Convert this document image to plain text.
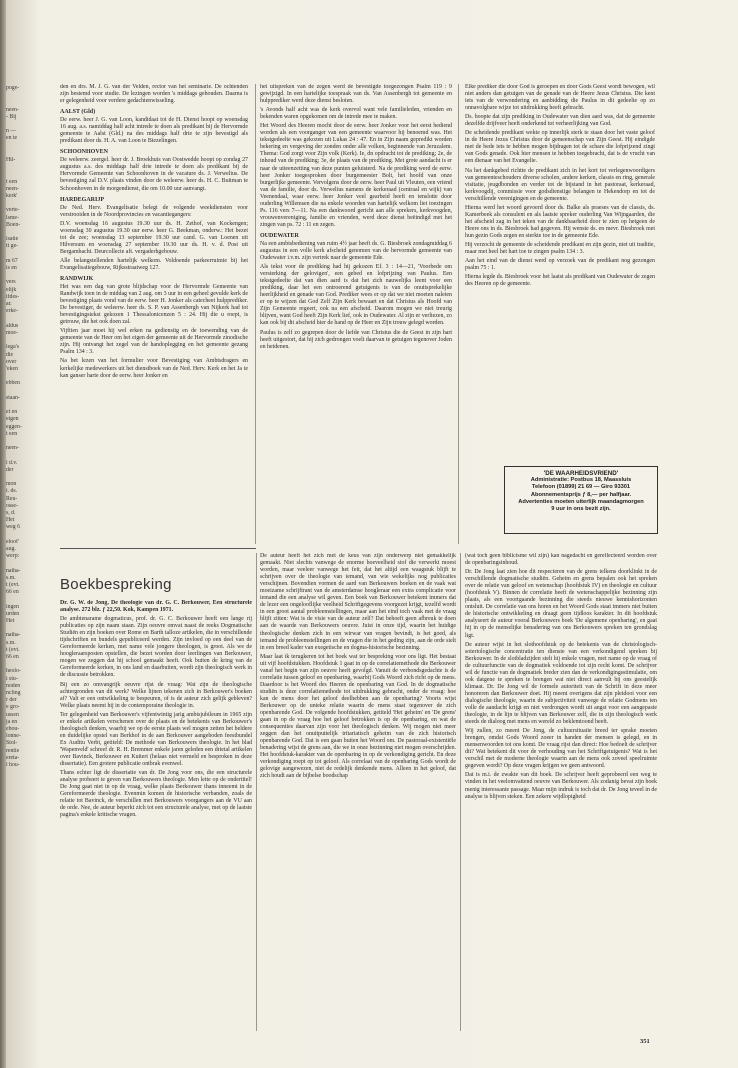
poge-

neen-
- Bij

n —
en te

Hil-

t een
neen-
kerk'

verte-
lsme-
Boen-

isatie
tt ge-

m 67
is en

vers
elijk
ifdes-
ar.
erke-

aldus
moe-

lega's
die
over
'eken

ebben

staan-

et en
eigen
eggen-
t een

neen-

l d.v.
der

mon
t. ds.
Reu-
osse-
s, d.
Het
weg 6

eloof'
aug.
werp:

natha-
s.m.
t (evt.
66 en

ingen
urden
Het

natha-
s.m.
t (evt.
66 en

heolo-
t stu-
noden
ncling
r der
e gro-
ussen
ja en
ebou-
lonne-
Stol-
rentie
ereta-
l hou-

den en drs. M. J. G. van der Velden, rector van het seminarie. De ochtenden zijn bestemd voor studie. De lezingen worden 's middags gehouden. Daarna is er gelegenheid voor verdere gedachtenwisseling.

AALST (Gld)

De eerw. heer J. G. van Loon, kandidaat tot de H. Dienst hoopt op woensdag 16 aug. a.s. namiddag half acht intrede te doen als predikant bij de Hervormde gemeente te Aalst (Gld.) na des middags half drie te zijn bevestigd als predikant door ds. H. A. van Loon te Biezelingen.

SCHOONHOVEN

De weleerw. zeergel. heer dr. J. Broekhuis van Oostwedde hoopt op zondag 27 augustus a.s. des middags half drie intrede te doen als predikant bij de Hervormde Gemeente van Schoonhoven in de vacature ds. J. Verwelius. De bevestiging zal D.V. plaats vinden door de weleerw. heer ds. H. C. Buitman te Schoonhoven in de morgendienst, die om 10.00 uur aanvangt.

HARDEGARIJP

De Ned. Herv. Evangelisatie belegt de volgende weekdiensten voor verstrooiden in de Noordprovincies en vacantiegangers:

D.V. woensdag 16 augustus 19.30 uur ds. H. Zethof, van Kockengen; woensdag 30 augustus 19.30 uur eerw. heer G. Beekman, onderw.: Het bezet tot de zee; woensdag 13 september 19.30 uur cand. G. van Loenen uit Hilversum en woensdag 27 september 19.30 uur ds. H. v. d. Post uit Bergambacht. Deurcollecte aft. vergaderhgebouw.

Alle belangstellenden hartelijk welkom. Voldoende parkeerruimte bij het Evangelisatiegebouw, Rijksstraatweg 127.

RANDWIJK

Het was een dag van grote blijdschap voor de Hervormde Gemeente van Randwijk toen in de middag van 2 aug. om 3 uur in een geheel gevulde kerk de bevestiging plaats vond van de eerw. heer H. Jonker als catecheet hulpprediker. De bevestiger, de weleerw. heer ds. S. P. van Assenbergh van Nijkerk had tot bevestigingstekst gekozen 1 Thessalonicenzen 5 : 24. Hij die u roept, is getrouw, die het ook doen zal.

Vijftien jaar moet hij wel erken na gedienstig en de toewending van de gemeente van de Heer om het eigen der gemeente uit de Hervormde zinodische zijn. Hij ontvangt het zegel van de handoplegging en het gemeente gezang Psalm 134 : 3.

Na het lezen van het formulier voor Bevestiging van Ambtsdragers en kerkelijke medewerkers uit het dienstboek van de Ned. Herv. Kerk en het Ja te kan ganser harte door de eerw. heer Jonker en

het uitspreken van de zegen werd de bevestigde toegezongen Psalm 119 : 9 gewijzigd. In een hartelijke toespraak van ds. Van Assenbergh tot gemeente en hulpprediker werd deze dienst besloten.

's Avonds half acht was de kerk overvol want vele familieleden, vrienden en bekenden waren opgekomen om de intrede mee te maken.

Het Woord des Heeren mocht door de eerw. heer Jonker voor het eerst bediend worden als een voorganger van een gemeente waarvoor hij benoemd was. Het tekstgedeelte was gekozen uit Lukas 24 : 47. En in Zijn naam gepredikt worden bekering en vergeving der zonden onder alle volken, beginnende van Jeruzalem. Thema: God zorgt voor Zijn volk (Kerk). Ie, dn opdracht tot de prediking; 2e, de inhoud van de prediking; 3e, de plaats van de prediking. Met grote aandacht is er naar de uiteenzetting van deze punten geluisterd. Na de prediking werd de eerw. heer Jonker toegesproken door burgemeester Bolt, het hoofd van onze burgerlijke gemeente. Vervolgens door de eerw. heer Paul uit Vleuten, een vriend van de familie, door ds. Verwelius namens de kerkeraad (centraal en wijk) van Veenendaal, waar eerw. heer Jonker veel gearbeid heeft en tenslotte door ouderling Willemsen die na enkele woorden van hartelijk welkom liet toezingen Ps. 116 vers 7—11. Na een dankwoord gericht aan alle sprekers, kerkvoogden, vrouwenvereniging, familie en vrienden, werd deze dienst beëindigd met het zingen van ps. 72 : 11 en zegen.

OUDEWATER

Na een ambtsbediening van ruim 4½ jaar heeft ds. G. Biesbroek zondagmiddag 6 augustus in een volle kerk afscheid genomen van de hervormde gemeente van Oudewater i.v.m. zijn vertrek naar de gemeente Ede.

Als tekst voor de prediking had hij gekozen Ef. 3 : 14—21, 'Voorbede om versterking der gelovigen', een gebed en lofprijzing van Paulus. Een tekstgedeelte dat van dien aard is dat het zich nauwelijks leent voor een prediking, daar het een ontroerend getuigenis is van de onuitsprekelijke heerlijkheid en genade van God. Prediker wees er op dat we niet moeten naleten er op te wijzen dat God Zelf Zijn Kerk bewaart en dat Christus als Hoofd van Zijn Gemeente regeert, ook na een afscheid. Daarom mogen we niet treurig blijven, want God heeft Zijn Kerk lief, ook in Oudewater. Al zijn er verliezen, zo kan ook bij dit afscheid hier de hand op de Heer en Zijn trouw gelegd worden.

Paulus is zelf zo gegrepen door de liefde van Christus die de Geest in zijn hart heeft uitgestort, dat hij zich gedrongen voelt daarvan te getuigen tegenover Joden en heidenen.

Elke prediker die door God is geroepen en door Gods Geest wordt bewogen, wil niet anders dan getuigen van de genade van de Heere Jezus Christus. Die kent iets van de verwondering en aanbidding die Paulus in dit gedeelte op zo onnavolgbare wijze tot uitdrukking heeft gebracht.

Ds. hoopte dat zijn prediking in Oudewater van dien aard was, dat de gemeente dezelfde drijfveer heeft onderkend tot verheerlijking van God.

De scheidende predikant wekte op innerlijk sterk te staan door het vaste geloof in de Heere Jezus Christus door de gemeenschap van Zijn Geest. Hij eindigde met de bede iets te hebben mogen bijdragen tot de schare die lofprijzend zingt van Gods genade. Ook hier mensen te hebben toegebracht, dat is de vrucht van een dienaar van het Evangelie.

Na het dankgebed richtte de predikant zich in het kort tot verlegenwoordigers van gemeenteschouders diverse scholen, andere kerken, classis en ring, generale visitatie, jeugdbonden en verder tot de bijstand in het pastoraat, kerkeraad, kerkvoogdij, commissie voor godsdienstige belangen te Hekendorp en tot de verschillende verenigingen en de gemeente.

Hierna werd het woord gevoerd door ds. Balke als praeses van de classis, ds. Kamerbeek als consulent en als laatste spreker ouderling Van Wijngaarden, die het afscheid zag in het teken van de dankbaarheid door te zien op hetgeen de Heere ons in ds. Biesbroek had gegeven. Hij wenste ds. en mevr. Biesbroek met hun gezin Gods zegen en sterkte toe in de gemeente Ede.

Hij verzocht de gemeente de scheidende predikant en zijn gezin, niet uit traditie, maar met heel het hart toe te zingen psalm 134 : 3.

Aan het eind van de dienst werd op verzoek van de predikant nog gezongen psalm 75 : 1.

Hierna legde ds. Biesbroek voor het laatst als predikant van Oudewater de zegen des Heeren op de gemeente.

'DE WAARHEIDSVRIEND'
Administratie: Postbus 18, Maassluis
Telefoon (01899) 21 69 — Giro 93301
Abonnementsprijs ƒ 8,— per halfjaar.
Advertenties moeten uiterlijk maandagmorgen
9 uur in ons bezit zijn.
Boekbespreking

Dr. G. W. de Jong, De theologie van dr. G. C. Berkouwer, Een structurele analyse. 272 blz. ƒ 22,50. Kok, Kampen 1971.

De ambtenarame dogmaticus, prof. dr. G. C. Berkouwer heeft een lange rij publicaties op zijn naam staan. Zijn oeuvre omvat naast de reeks Dogmatische Studiën en zijn boeken over Rome en Barth talloze artikelen, die in verschillende tijdschriften en bundels gepubliceerd werden. Zijn invloed op een deel van de Gereformeerde kerken, met name vele jongere theologen, is groot. Als we de hoogleraarsposten opstellen, die bezet worden door leerlingen van Berkouwer, mogen we zeggen dat hij school gemaakt heeft. Ook buiten de kring van de Gereformeerde kerken, in ons land en daarbuiten, wordt zijn theologisch werk in de discussie betrokken.

Bij een zo omvangrijk oeuvre rijst de vraag: Wat zijn de theologische achtergronden van dit werk? Welke lijnen tekenen zich in Berkouwer's boeken af? Valt er een ontwikkeling te bespeuren, of is de auteur zich gelijk gebleven? Welke plaats neemt hij in de contemporaine theologie in.

Ter gelegenheid van Berkouwer's vijfentwintig jarig ambtsjubileum in 1965 zijn er enkele artikelen verschenen over de plaats en de betekenis van Berkouwer's theologisch denken, waarbij we op de eerste plaats wel mogen zetten het heldere en duidelijke opstel van Berkhof in de aan Berkouwer aangeboden feestbundel Ex Auditu Verbi, getiteld: De methode van Berkouwers theologie. In het blad 'Wapenveld' schreef dr. R. H. Bremmer enkele jaren geleden een drietal artikelen over Bavinck, Berkouwer en Kuitert (helaas niet vermeld en besproken in deze dissertatie). Een grotere publicatie ontbrak evenwel.

Thans echter ligt de dissertatie van dr. De Jong voor ons, die een structurele analyse probeert te geven van Berkouwers theologie. Men lette op de ondertitel! De Jong gaat niet in op de vraag, welke plaats Berkouwer thans inneemt in de Gereformeerde theologie. Evenmin komen de historische verbanden, zoals de relatie tot Bavinck, de verschillen met Berkouwers voorgangers aan de VU aan de orde. Nee, de auteur beperkt zich tot een structurele analyse, met op de laatste pagina's enkele kritische vragen.

De auteur heeft het zich met de keus van zijn onderwerp niet gemakkelijk gemaakt. Niet slechts vanwege de enorme hoeveelheid stof die verwerkt moest worden, maar veeleer vanwege het feit, dat het altijd een waagstuk blijft te schrijven over de theologie van iemand, van wie wekelijks nog publicaties verschijnen. Bovendien vormen de aard van Berkouwers boeken en de vaak wat moeizame schrijftrant van de amsterdamse hoogleraar een extra complicatie voor iemand die een analyse wil geven. Een boek van Berkouwer betekent immers dat de lezer een ongelooflijke veelheid Schriftgegevens voorgezet krijgt, tezelfd wordt in een groot aantal probleemstellingen, maar aan het eind toch vaak met de vraag blijft zitten: Wat is de visie van de auteur zelf? Dat behoeft geen afbreuk te doen aan de waarde van Berkouwers oeuvre. Juist in onze tijd, waarin het huidige theologische denken zich in een wirwar van vragen bevindt, is het goed, als iemand de probleemstellingen en de vragen die in het geding zijn, aan de orde stelt in een breed kader van exegetische en dogma-historische bezinning.

Maar laat ik terugkeren tot het boek wat ter bespreking voor ons ligt. Het bestaat uit vijf hoofdstukken. Hoofdstuk 1 gaat in op de correlatiemethode die Berkouwer vanaf het begin van zijn oeuvre heeft gevolgd. Vanuit de verbondsgedachte is de correlatie tussen geloof en openbaring, waarbij Gods Woord zich richt op de mens. Daardoor is het Woord des Heeren de openbaring van God. In de dogmatische studiën is deze correlatiemethode tot uitdrukking gebracht, onder de vraag: hoe kan de mens door het geloof deelhebben aan de openbaring? Voorts wijst Berkouwer op de unieke relatie waarin de mens staat tegenover de zich openbarende God. De volgende hoofdstukken, getiteld 'Het geheim' en 'De grens' gaan in op de vraag hoe het geloof betrokken is op de openbaring, en wat de consequenties daarvan zijn voor het theologisch denken. Wij mogen niet meer zeggen dan het onuitputtelijk tritariatisch geheim van de zich historisch openbarende God. Dat is een gaan buiten het Woord om. De pastoraal-existentiële benadering wijst de grens aan, die we in onze bezinning niet mogen overschrijden. Het hoofdstuk-karakter van de openbaring in op de verkondiging gericht. En deze verkondiging roept op tot geloof. Als correlaat van de openbaring Gods wordt de gelovige aangewezen, niet de redelijk denkende mens. Alleen in het geloof, dat zich houdt aan de bijbelse boodschap

(wat toch geen biblicisme wil zijn) kan nagedacht en gereflecteerd worden over de openbaringsinhoud.

Dr. De Jong laat zien hoe dit respecteren van de grens telkens doorklinkt in de verschillende dogmatische studiën. Geheim en grens bepalen ook het spreken over de relatie van geloof en wetenschap (hoofdstuk IV) en theologie en cultuur (hoofdstuk V). Binnen de correlatie heeft de wetenschappelijke bezinning zijn plaats, als een voortgaande bezinning die steeds nieuwe kennishorizonten ontsluit. De correlatie van ons horen en het Woord Gods staat immers niet buiten de historische ontwikkeling en draagt geen tijdloos karakter. In dit hoofdstuk analyseert de auteur vooral Berkouwers boek 'De algemene openbaring', en gaat hij in op de menselijke benadering van ons Berkouwers spreken ten grondslag ligt.

De auteur wijst in het slothoofdstuk op de betekenis van de christologisch-soteriologische concentratie ten dienste van een verkondigend spreken bij Berkouwer. In de slotbladzijden stelt hij enkele vragen, met name op de vraag of de cultuurfunctie van de dogmatiek voldoende tot zijn recht komt. De schrijver wil de functie van de dogmatiek breder zien dan de verkondigingsstimulatie, om ook datgene te spreken te brengen wat niet direct aanvult bij ons geestelijk klimaat. Dr. De Jong wil de formele autoriteit van de Schrift in deze meer honoreren dan Berkouwer doet. Hij meent overigens dat zijn pleidooi voor een dialogische theologie, waarin de subjectiviteit vanwege de relatie Godmens ten volle de aandacht krijgt en niet verdrongen wordt uit angst voor een aangepaste theologie, in de lijn te blijven van Berkouwer zelf, die in zijn theologisch werk steeds de dialoog met mens en wereld zo beklemtoond heeft.

Wij zullen, zo meent De Jong, de cultuursituatie breed ter sprake moeten brengen, omdat Gods Woord zoeer in handen der mensen is gelegd, en in mensenwoorden tot ons komt. De vraag rijst dan direct: Hoe bedoelt de schrijver dit? Wat betekent dit voor de verhouding van het Schriftgetuigenis? Wat is het verschil met de moderne theologie waarin aan de mens ook zoveel speelruimte gegeven wordt? Op deze vragen krijgen we geen antwoord.

Dat is m.i. de zwakte van dit boek. De schrijver heeft geprobeerd een weg te vinden in het veelomvattend oeuvre van Berkouwer. Als zodanig bevat zijn boek menig interessante passage. Maar mijn indruk is toch dat dr. De Jong teveel in de analyse is blijven steken. Een zekere wijdlopigheid

351
